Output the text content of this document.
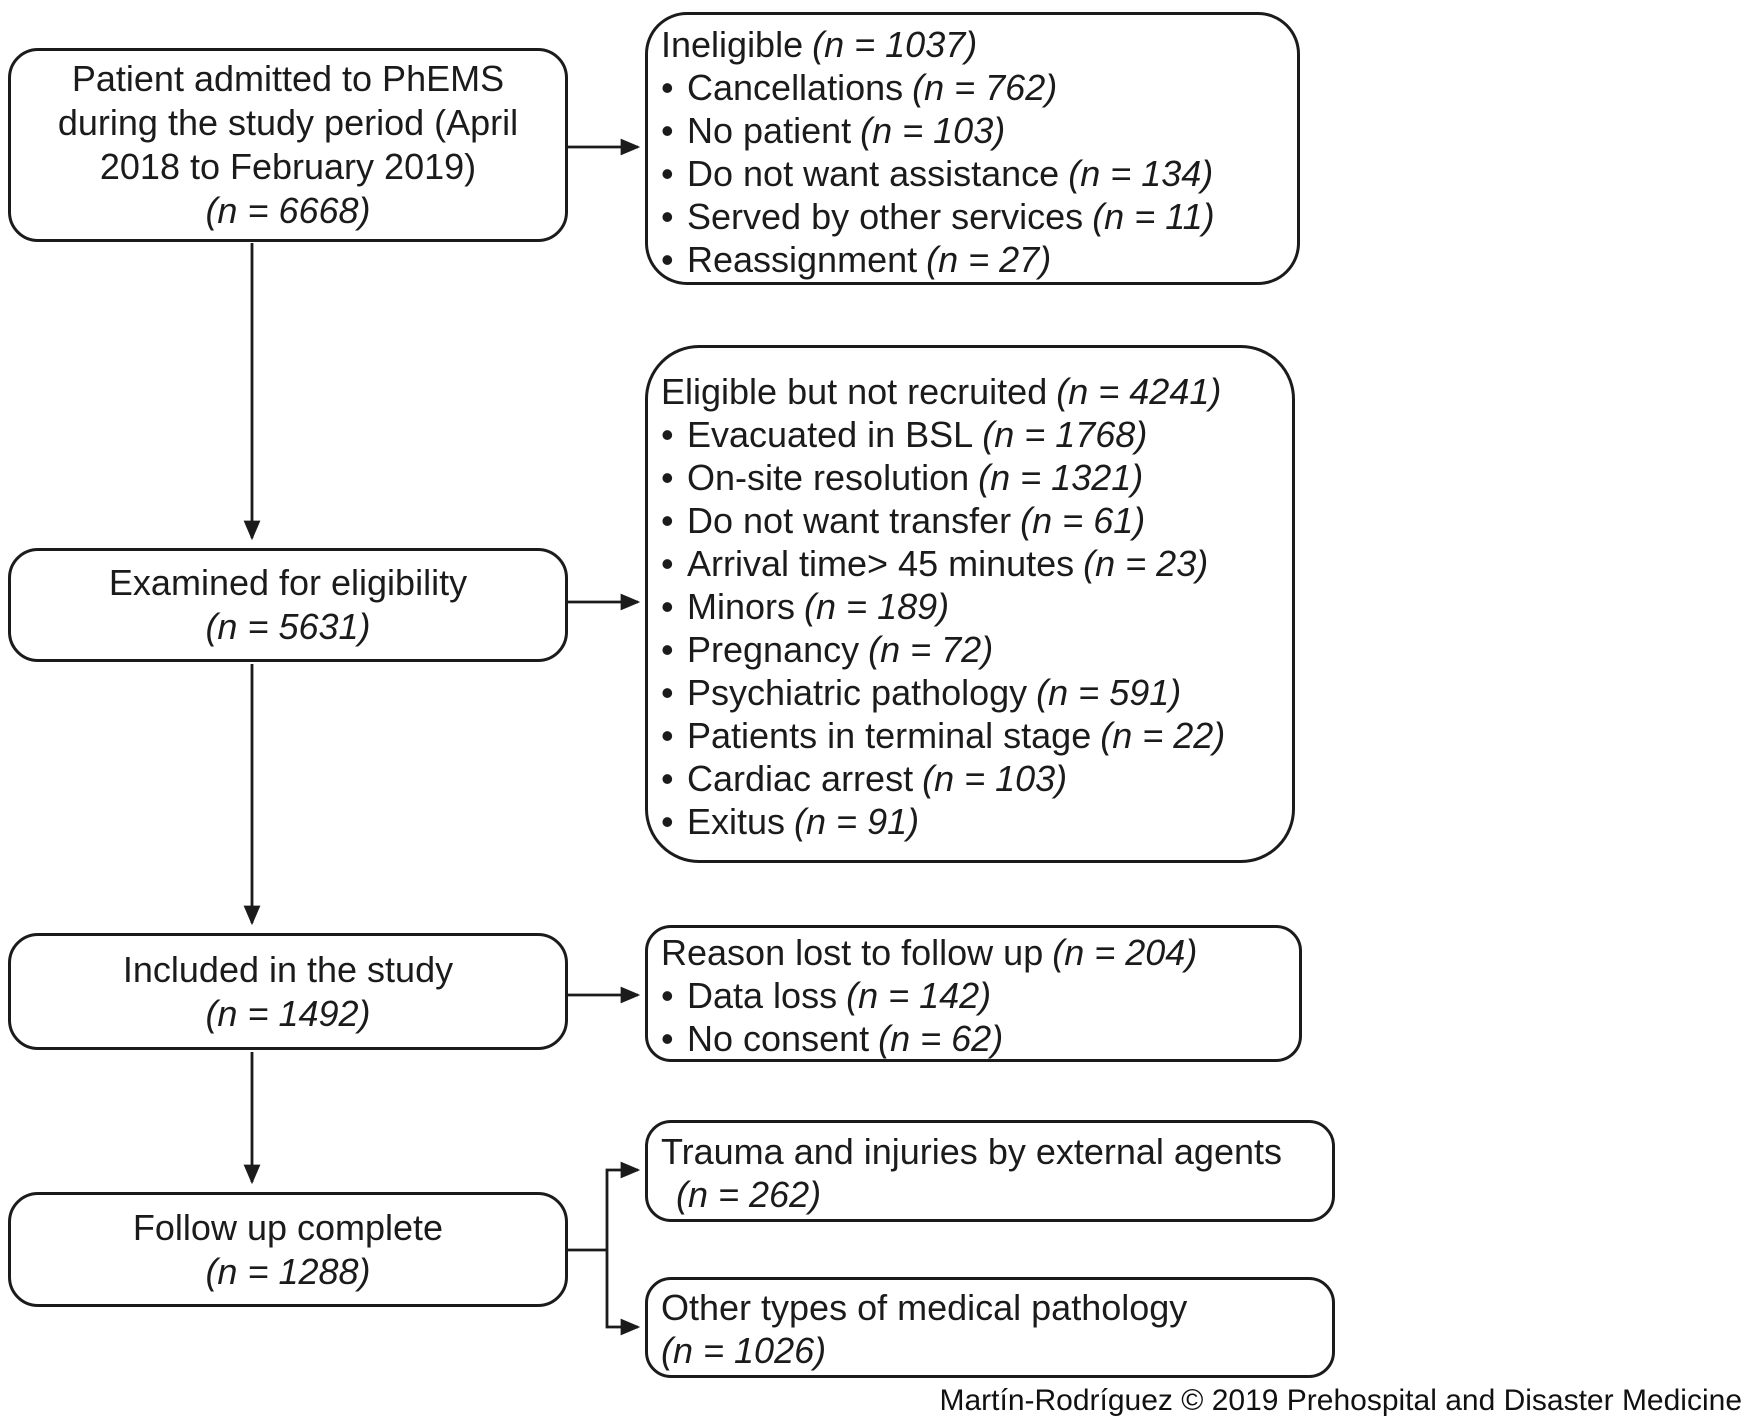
Patient admitted to PhEMS
during the study period (April
2018 to February 2019)
(n = 6668)
Examined for eligibility
(n = 5631)
Included in the study
(n = 1492)
Follow up complete
(n = 1288)
Ineligible (n = 1037)
• Cancellations (n = 762)
• No patient (n = 103)
• Do not want assistance (n = 134)
• Served by other services (n = 11)
• Reassignment (n = 27)
Eligible but not recruited (n = 4241)
• Evacuated in BSL (n = 1768)
• On-site resolution (n = 1321)
• Do not want transfer (n = 61)
• Arrival time> 45 minutes (n = 23)
• Minors (n = 189)
• Pregnancy (n = 72)
• Psychiatric pathology (n = 591)
• Patients in terminal stage (n = 22)
• Cardiac arrest (n = 103)
• Exitus (n = 91)
Reason lost to follow up (n = 204)
• Data loss (n = 142)
• No consent (n = 62)
Trauma and injuries by external agents
(n = 262)
Other types of medical pathology
(n = 1026)
Martín-Rodríguez © 2019 Prehospital and Disaster Medicine
